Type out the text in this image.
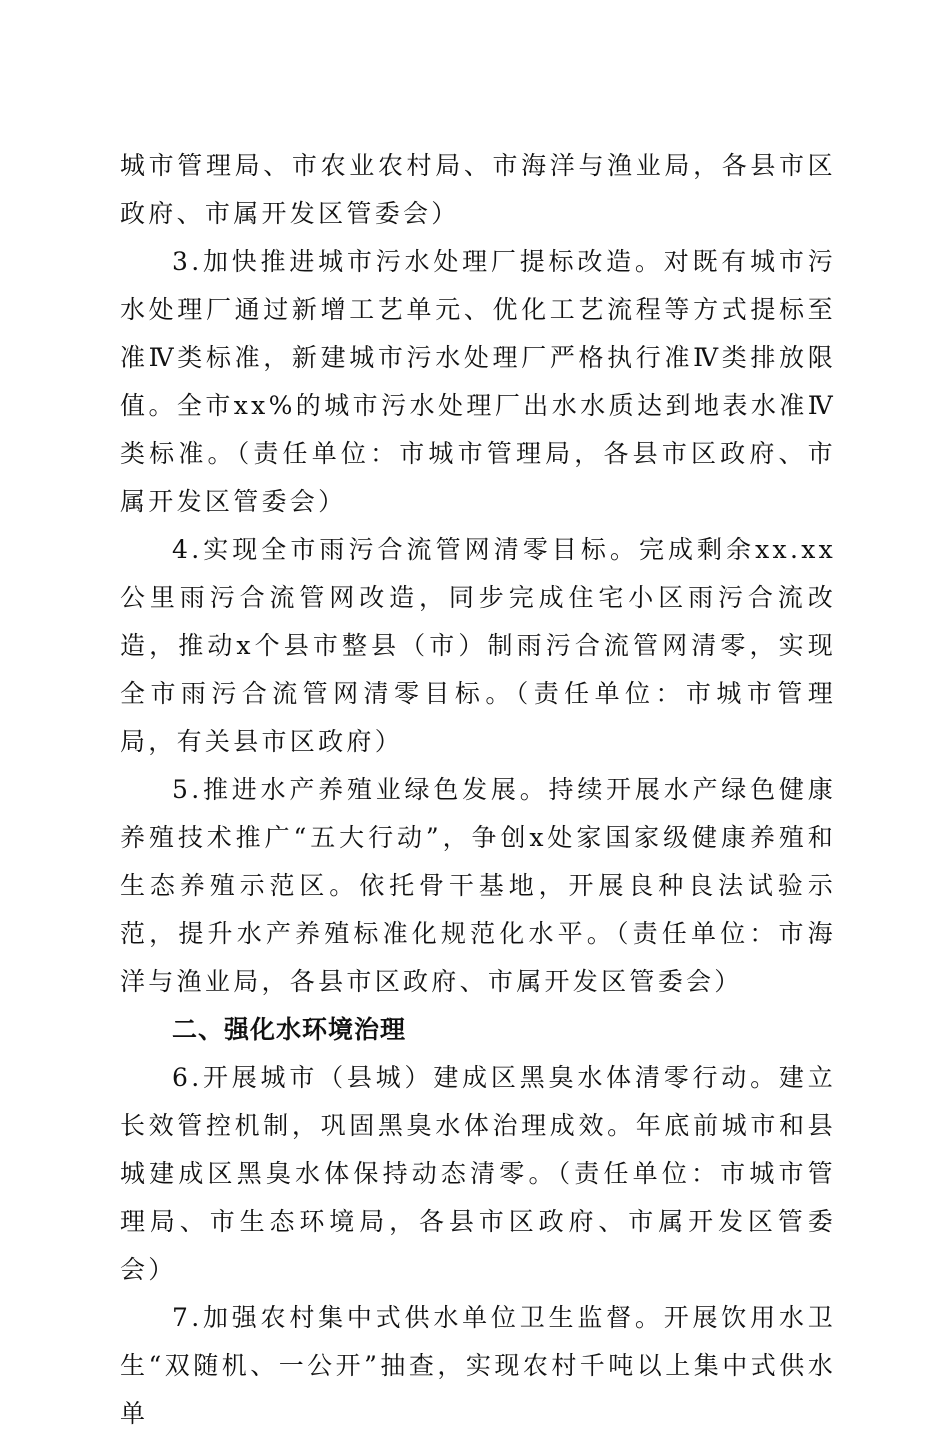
城市管理局、市农业农村局、市海洋与渔业局，各县市区政府、市属开发区管委会）

3.加快推进城市污水处理厂提标改造。对既有城市污水处理厂通过新增工艺单元、优化工艺流程等方式提标至准Ⅳ类标准，新建城市污水处理厂严格执行准Ⅳ类排放限值。全市xx%的城市污水处理厂出水水质达到地表水准Ⅳ类标准。（责任单位：市城市管理局，各县市区政府、市属开发区管委会）

4.实现全市雨污合流管网清零目标。完成剩余xx.xx公里雨污合流管网改造，同步完成住宅小区雨污合流改造，推动x个县市整县（市）制雨污合流管网清零，实现全市雨污合流管网清零目标。（责任单位：市城市管理局，有关县市区政府）

5.推进水产养殖业绿色发展。持续开展水产绿色健康养殖技术推广“五大行动”，争创x处家国家级健康养殖和生态养殖示范区。依托骨干基地，开展良种良法试验示范，提升水产养殖标准化规范化水平。（责任单位：市海洋与渔业局，各县市区政府、市属开发区管委会）

二、强化水环境治理

6.开展城市（县城）建成区黑臭水体清零行动。建立长效管控机制，巩固黑臭水体治理成效。年底前城市和县城建成区黑臭水体保持动态清零。（责任单位：市城市管理局、市生态环境局，各县市区政府、市属开发区管委会）

7.加强农村集中式供水单位卫生监督。开展饮用水卫生“双随机、一公开”抽查，实现农村千吨以上集中式供水单
